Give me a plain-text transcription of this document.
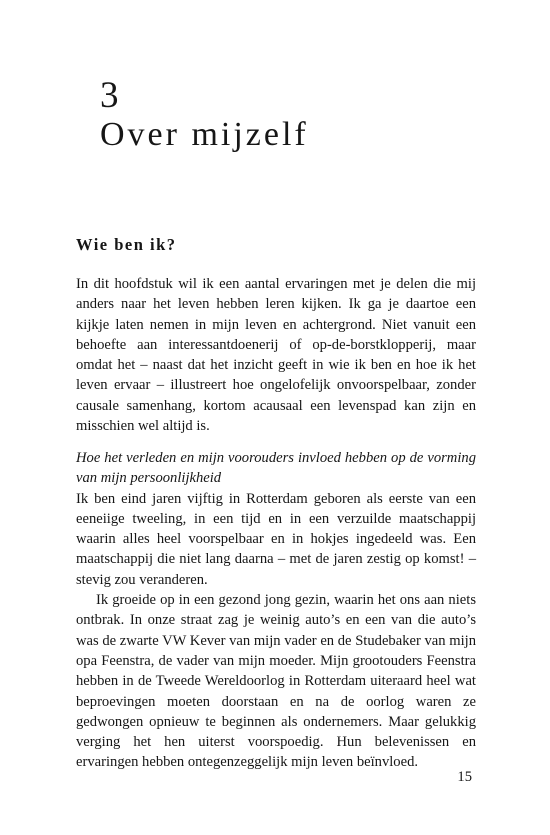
3
Over mijzelf
Wie ben ik?

In dit hoofdstuk wil ik een aantal ervaringen met je delen die mij anders naar het leven hebben leren kijken. Ik ga je daartoe een kijkje laten nemen in mijn leven en achtergrond. Niet vanuit een behoefte aan interessantdoenerij of op-de-borstklopperij, maar omdat het – naast dat het inzicht geeft in wie ik ben en hoe ik het leven ervaar – illustreert hoe ongelofelijk onvoorspelbaar, zonder causale samenhang, kortom acausaal een levenspad kan zijn en misschien wel altijd is.

Hoe het verleden en mijn voorouders invloed hebben op de vorming van mijn persoonlijkheid

Ik ben eind jaren vijftig in Rotterdam geboren als eerste van een eeneiige tweeling, in een tijd en in een verzuilde maatschappij waarin alles heel voorspelbaar en in hokjes ingedeeld was. Een maatschappij die niet lang daarna – met de jaren zestig op komst! – stevig zou veranderen.

Ik groeide op in een gezond jong gezin, waarin het ons aan niets ontbrak. In onze straat zag je weinig auto’s en een van die auto’s was de zwarte VW Kever van mijn vader en de Studebaker van mijn opa Feenstra, de vader van mijn moeder. Mijn grootouders Feenstra hebben in de Tweede Wereldoorlog in Rotterdam uiteraard heel wat beproevingen moeten doorstaan en na de oorlog waren ze gedwongen opnieuw te beginnen als ondernemers. Maar gelukkig verging het hen uiterst voorspoedig. Hun belevenissen en ervaringen hebben ontegenzeggelijk mijn leven beïnvloed.

15
